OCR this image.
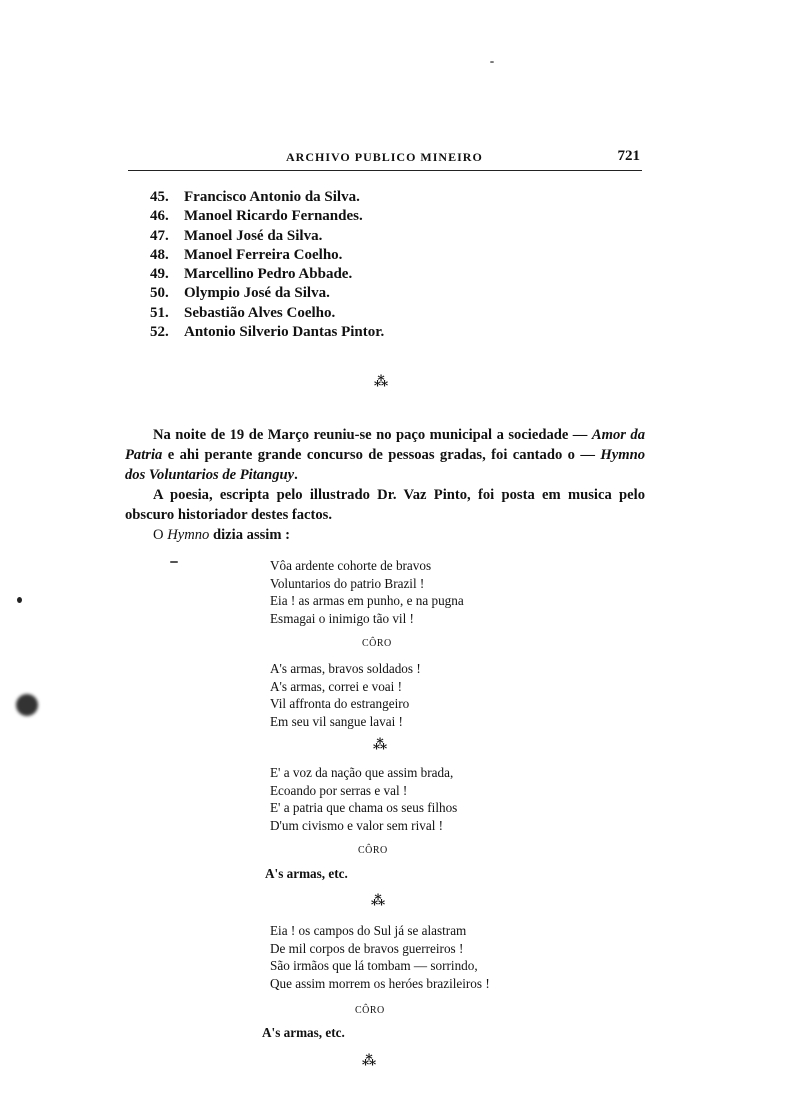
ARCHIVO PUBLICO MINEIRO	721
45. Francisco Antonio da Silva.
46. Manoel Ricardo Fernandes.
47. Manoel José da Silva.
48. Manoel Ferreira Coelho.
49. Marcellino Pedro Abbade.
50. Olympio José da Silva.
51. Sebastião Alves Coelho.
52. Antonio Silverio Dantas Pintor.
⁂

Na noite de 19 de Março reuniu-se no paço municipal a sociedade — Amor da Patria e ahi perante grande concurso de pessoas gradas, foi cantado o — Hymno dos Voluntarios de Pitanguy.

A poesia, escripta pelo illustrado Dr. Vaz Pinto, foi posta em musica pelo obscuro historiador destes factos.

O Hymno dizia assim :

Vôa ardente cohorte de bravos
Voluntarios do patrio Brazil !
Eia ! as armas em punho, e na pugna
Esmagai o inimigo tão vil !
CÔRO
A's armas, bravos soldados !
A's armas, correi e voai !
Vil affronta do estrangeiro
Em seu vil sangue lavai !
⁂
E' a voz da nação que assim brada,
Ecoando por serras e val !
E' a patria que chama os seus filhos
D'um civismo e valor sem rival !
CÔRO
A's armas, etc.
⁂
Eia ! os campos do Sul já se alastram
De mil corpos de bravos guerreiros !
São irmãos que lá tombam — sorrindo,
Que assim morrem os heróes brazileiros !
CÔRO
A's armas, etc.
⁂
